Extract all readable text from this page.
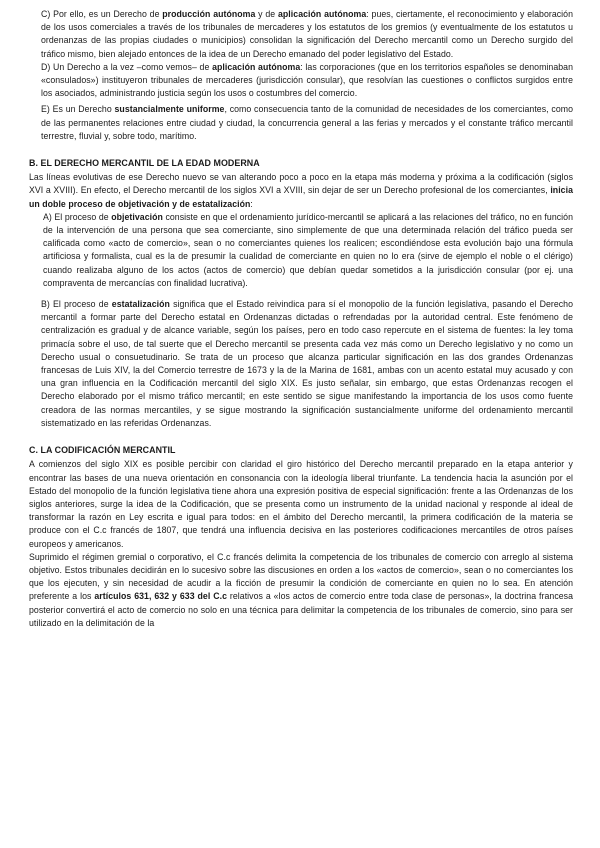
C) Por ello, es un Derecho de producción autónoma y de aplicación autónoma: pues, ciertamente, el reconocimiento y elaboración de los usos comerciales a través de los tribunales de mercaderes y los estatutos de los gremios (y eventualmente de los estatutos u ordenanzas de las propias ciudades o municipios) consolidan la significación del Derecho mercantil como un Derecho surgido del tráfico mismo, bien alejado entonces de la idea de un Derecho emanado del poder legislativo del Estado.

D) Un Derecho a la vez –como vemos– de aplicación autónoma: las corporaciones (que en los territorios españoles se denominaban «consulados») instituyeron tribunales de mercaderes (jurisdicción consular), que resolvían las cuestiones o conflictos surgidos entre los asociados, administrando justicia según los usos o costumbres del comercio.

E) Es un Derecho sustancialmente uniforme, como consecuencia tanto de la comunidad de necesidades de los comerciantes, como de las permanentes relaciones entre ciudad y ciudad, la concurrencia general a las ferias y mercados y el constante tráfico mercantil terrestre, fluvial y, sobre todo, marítimo.

B. EL DERECHO MERCANTIL DE LA EDAD MODERNA

Las líneas evolutivas de ese Derecho nuevo se van alterando poco a poco en la etapa más moderna y próxima a la codificación (siglos XVI a XVIII). En efecto, el Derecho mercantil de los siglos XVI a XVIII, sin dejar de ser un Derecho profesional de los comerciantes, inicia un doble proceso de objetivación y de estatalización:

A) El proceso de objetivación consiste en que el ordenamiento jurídico-mercantil se aplicará a las relaciones del tráfico, no en función de la intervención de una persona que sea comerciante, sino simplemente de que una determinada relación del tráfico pueda ser calificada como «acto de comercio», sean o no comerciantes quienes los realicen; escondiéndose esta evolución bajo una fórmula artificiosa y formalista, cual es la de presumir la cualidad de comerciante en quien no lo era (sirve de ejemplo el noble o el clérigo) cuando realizaba alguno de los actos (actos de comercio) que debían quedar sometidos a la jurisdicción consular (por ej. una compraventa de mercancías con finalidad lucrativa).

B) El proceso de estatalización significa que el Estado reivindica para sí el monopolio de la función legislativa, pasando el Derecho mercantil a formar parte del Derecho estatal en Ordenanzas dictadas o refrendadas por la autoridad central. Este fenómeno de centralización es gradual y de alcance variable, según los países, pero en todo caso repercute en el sistema de fuentes: la ley toma primacía sobre el uso, de tal suerte que el Derecho mercantil se presenta cada vez más como un Derecho legislativo y no como un Derecho usual o consuetudinario. Se trata de un proceso que alcanza particular significación en las dos grandes Ordenanzas francesas de Luis XIV, la del Comercio terrestre de 1673 y la de la Marina de 1681, ambas con un acento estatal muy acusado y con una gran influencia en la Codificación mercantil del siglo XIX. Es justo señalar, sin embargo, que estas Ordenanzas recogen el Derecho elaborado por el mismo tráfico mercantil; en este sentido se sigue manifestando la importancia de los usos como fuente creadora de las normas mercantiles, y se sigue mostrando la significación sustancialmente uniforme del ordenamiento mercantil sistematizado en las referidas Ordenanzas.

C. LA CODIFICACIÓN MERCANTIL

A comienzos del siglo XIX es posible percibir con claridad el giro histórico del Derecho mercantil preparado en la etapa anterior y encontrar las bases de una nueva orientación en consonancia con la ideología liberal triunfante. La tendencia hacia la asunción por el Estado del monopolio de la función legislativa tiene ahora una expresión positiva de especial significación: frente a las Ordenanzas de los siglos anteriores, surge la idea de la Codificación, que se presenta como un instrumento de la unidad nacional y responde al ideal de transformar la razón en Ley escrita e igual para todos: en el ámbito del Derecho mercantil, la primera codificación de la materia se produce con el C.c francés de 1807, que tendrá una influencia decisiva en las posteriores codificaciones mercantiles de otros países europeos y americanos.

Suprimido el régimen gremial o corporativo, el C.c francés delimita la competencia de los tribunales de comercio con arreglo al sistema objetivo. Estos tribunales decidirán en lo sucesivo sobre las discusiones en orden a los «actos de comercio», sean o no comerciantes los que los ejecuten, y sin necesidad de acudir a la ficción de presumir la condición de comerciante en quien no lo sea. En atención preferente a los artículos 631, 632 y 633 del C.c relativos a «los actos de comercio entre toda clase de personas», la doctrina francesa posterior convertirá el acto de comercio no solo en una técnica para delimitar la competencia de los tribunales de comercio, sino para ser utilizado en la delimitación de la
